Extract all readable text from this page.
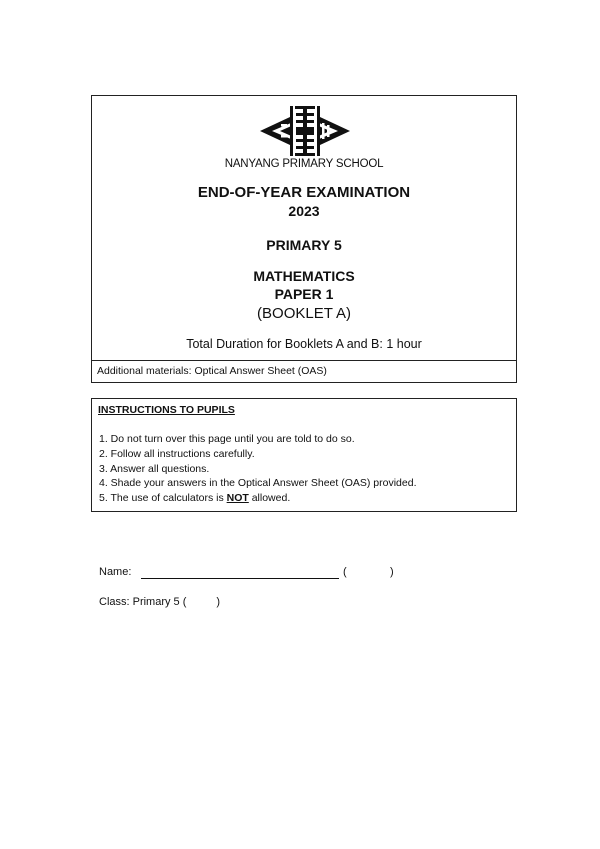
NANYANG PRIMARY SCHOOL
END-OF-YEAR EXAMINATION
2023
PRIMARY 5
MATHEMATICS
PAPER 1
(BOOKLET A)
Total Duration for Booklets A and B: 1 hour
Additional materials: Optical Answer Sheet (OAS)
INSTRUCTIONS TO PUPILS
1. Do not turn over this page until you are told to do so.
2. Follow all instructions carefully.
3. Answer all questions.
4. Shade your answers in the Optical Answer Sheet (OAS) provided.
5. The use of calculators is NOT allowed.
Name:	(	)
Class: Primary 5 (	)
